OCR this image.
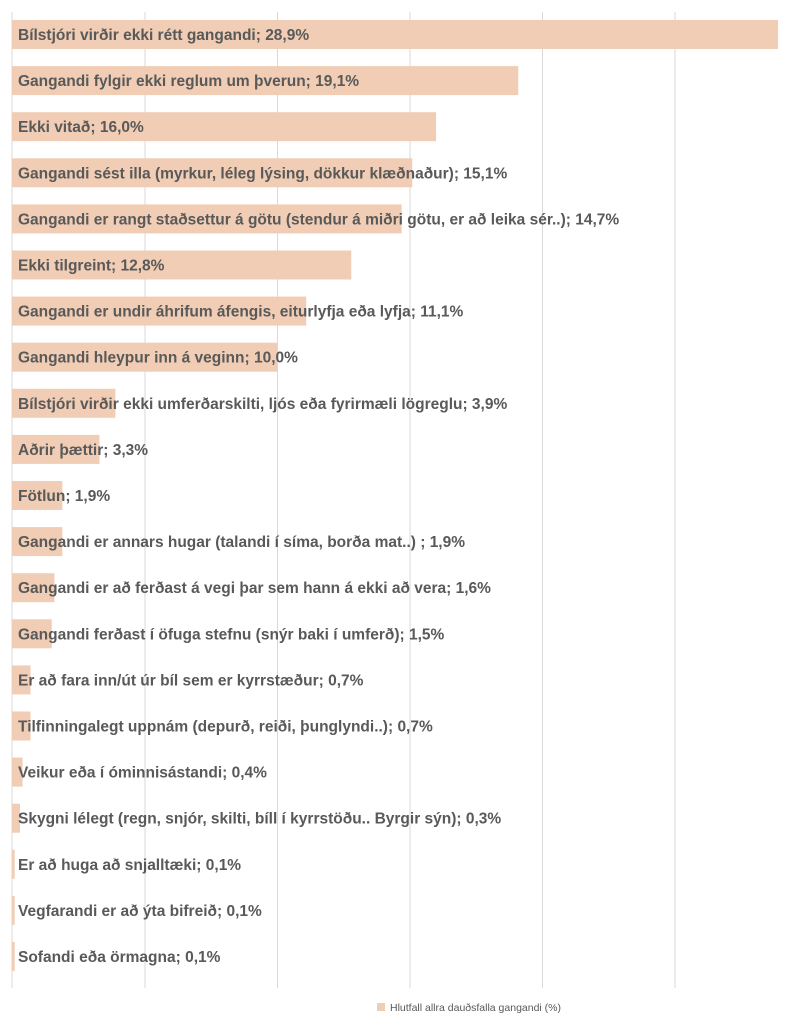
Bílstjóri virðir ekki rétt gangandi; 28,9%
Gangandi fylgir ekki reglum um þverun; 19,1%
Ekki vitað; 16,0%
Gangandi sést illa (myrkur, léleg lýsing, dökkur klæðnaður); 15,1%
Gangandi er rangt staðsettur á götu (stendur á miðri götu, er að leika sér..); 14,7%
Ekki tilgreint; 12,8%
Gangandi er undir áhrifum áfengis, eiturlyfja eða lyfja; 11,1%
Gangandi hleypur inn á veginn; 10,0%
Bílstjóri virðir ekki umferðarskilti, ljós eða fyrirmæli lögreglu; 3,9%
Aðrir þættir; 3,3%
Fötlun; 1,9%
Gangandi er annars hugar (talandi í síma, borða mat..) ; 1,9%
Gangandi er að ferðast á vegi þar sem hann á ekki að vera; 1,6%
Gangandi ferðast í öfuga stefnu (snýr baki í umferð); 1,5%
Er að fara inn/út úr bíl sem er kyrrstæður; 0,7%
Tilfinningalegt uppnám (depurð, reiði, þunglyndi..); 0,7%
Veikur eða í óminnisástandi; 0,4%
Skygni lélegt (regn, snjór, skilti, bíll í kyrrstöðu.. Byrgir sýn); 0,3%
Er að huga að snjalltæki; 0,1%
Vegfarandi er að ýta bifreið; 0,1%
Sofandi eða örmagna; 0,1%
Hlutfall allra dauðsfalla gangandi (%)
